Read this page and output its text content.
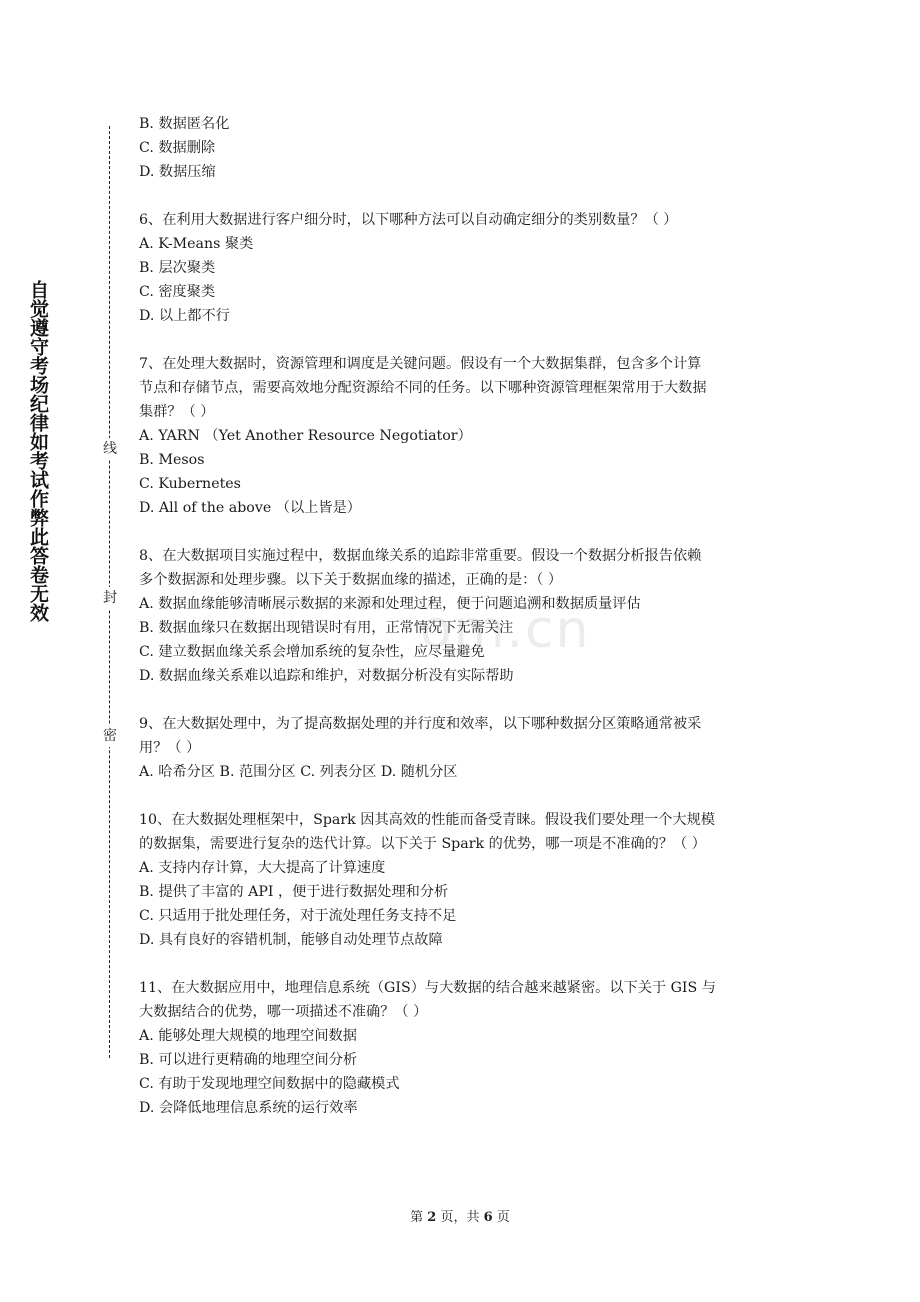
自觉遵守考场纪律如考试作弊此答卷无效	线
封
密
om.cn
B. 数据匿名化
C. 数据删除
D. 数据压缩
6、在利用大数据进行客户细分时，以下哪种方法可以自动确定细分的类别数量？（ ）
A. K-Means 聚类
B. 层次聚类
C. 密度聚类
D. 以上都不行
7、在处理大数据时，资源管理和调度是关键问题。假设有一个大数据集群，包含多个计算
节点和存储节点，需要高效地分配资源给不同的任务。以下哪种资源管理框架常用于大数据
集群？（ ）
A. YARN （Yet Another Resource Negotiator）
B. Mesos
C. Kubernetes
D. All of the above （以上皆是）
8、在大数据项目实施过程中，数据血缘关系的追踪非常重要。假设一个数据分析报告依赖
多个数据源和处理步骤。以下关于数据血缘的描述，正确的是：（ ）
A. 数据血缘能够清晰展示数据的来源和处理过程，便于问题追溯和数据质量评估
B. 数据血缘只在数据出现错误时有用，正常情况下无需关注
C. 建立数据血缘关系会增加系统的复杂性，应尽量避免
D. 数据血缘关系难以追踪和维护，对数据分析没有实际帮助
9、在大数据处理中，为了提高数据处理的并行度和效率，以下哪种数据分区策略通常被采
用？（ ）
A. 哈希分区 B. 范围分区 C. 列表分区 D. 随机分区
10、在大数据处理框架中，Spark 因其高效的性能而备受青睐。假设我们要处理一个大规模
的数据集，需要进行复杂的迭代计算。以下关于 Spark 的优势，哪一项是不准确的？（ ）
A. 支持内存计算，大大提高了计算速度
B. 提供了丰富的 API ，便于进行数据处理和分析
C. 只适用于批处理任务，对于流处理任务支持不足
D. 具有良好的容错机制，能够自动处理节点故障
11、在大数据应用中，地理信息系统（GIS）与大数据的结合越来越紧密。以下关于 GIS 与
大数据结合的优势，哪一项描述不准确？（ ）
A. 能够处理大规模的地理空间数据
B. 可以进行更精确的地理空间分析
C. 有助于发现地理空间数据中的隐藏模式
D. 会降低地理信息系统的运行效率
第 2 页，共 6 页
